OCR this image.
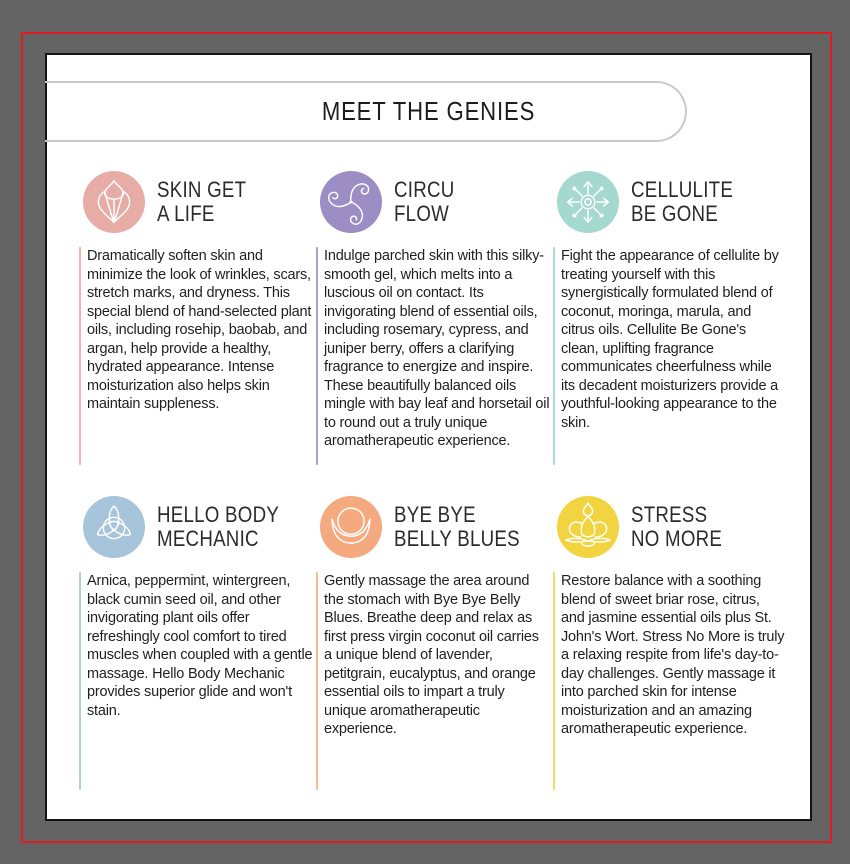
MEET THE GENIES
SKIN GET
A LIFE

Dramatically soften skin and minimize the look of wrinkles, scars, stretch marks, and dryness. This special blend of hand-selected plant oils, including rosehip, baobab, and argan, help provide a healthy, hydrated appearance. Intense moisturization also helps skin maintain suppleness.

CIRCU
FLOW

Indulge parched skin with this silky-smooth gel, which melts into a luscious oil on contact. Its invigorating blend of essential oils, including rosemary, cypress, and juniper berry, offers a clarifying fragrance to energize and inspire. These beautifully balanced oils mingle with bay leaf and horsetail oil to round out a truly unique aromatherapeutic experience.

CELLULITE
BE GONE

Fight the appearance of cellulite by treating yourself with this synergistically formulated blend of coconut, moringa, marula, and citrus oils. Cellulite Be Gone's clean, uplifting fragrance communicates cheerfulness while its decadent moisturizers provide a youthful-looking appearance to the skin.

HELLO BODY
MECHANIC

Arnica, peppermint, wintergreen, black cumin seed oil, and other invigorating plant oils offer refreshingly cool comfort to tired muscles when coupled with a gentle massage. Hello Body Mechanic provides superior glide and won't stain.

BYE BYE
BELLY BLUES

Gently massage the area around the stomach with Bye Bye Belly Blues. Breathe deep and relax as first press virgin coconut oil carries a unique blend of lavender, petitgrain, eucalyptus, and orange essential oils to impart a truly unique aromatherapeutic experience.

STRESS
NO MORE

Restore balance with a soothing blend of sweet briar rose, citrus, and jasmine essential oils plus St. John's Wort. Stress No More is truly a relaxing respite from life's day-to-day challenges. Gently massage it into parched skin for intense moisturization and an amazing aromatherapeutic experience.
